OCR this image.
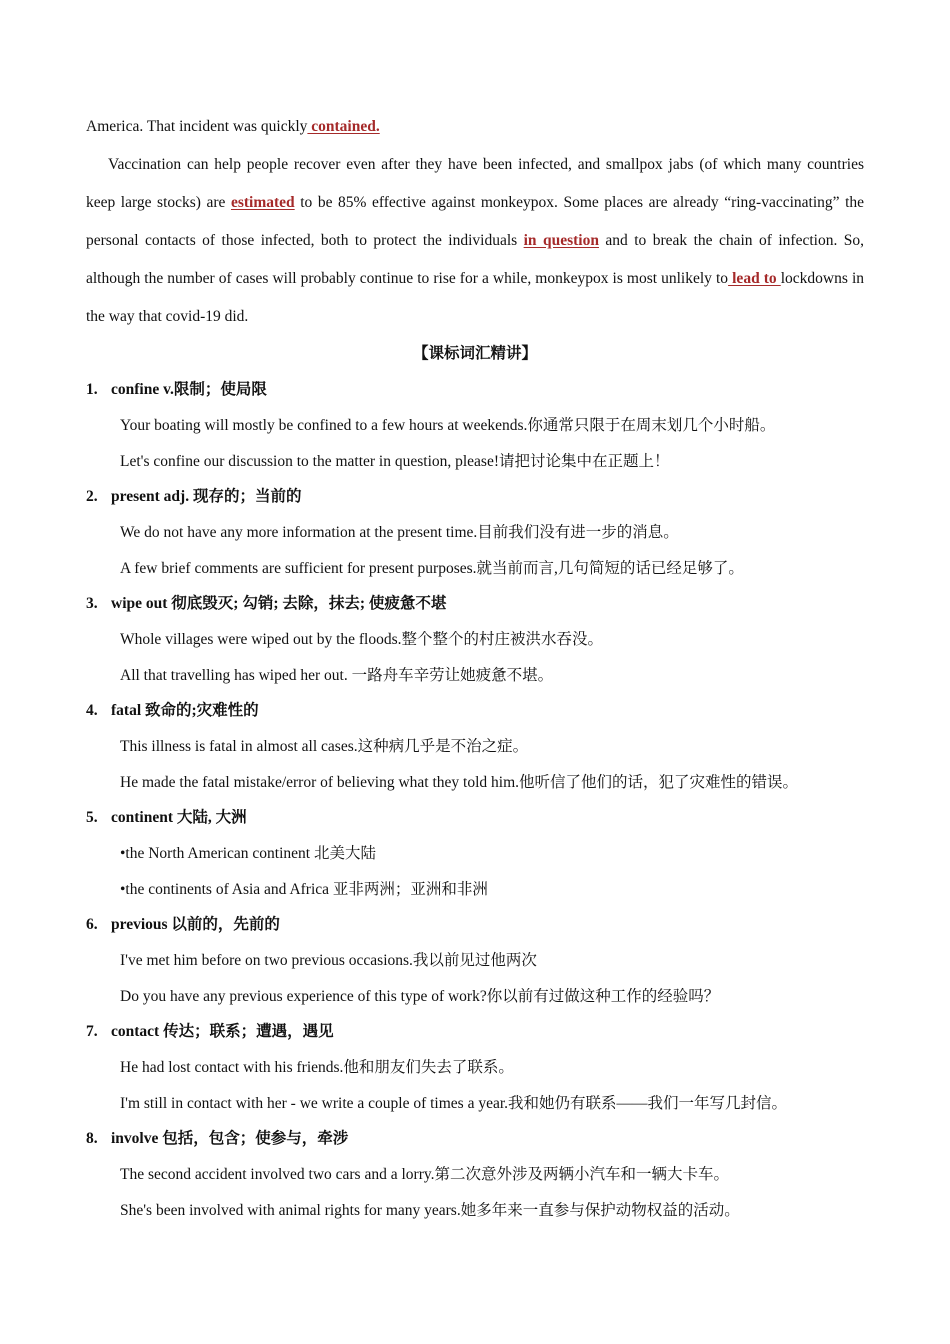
America. That incident was quickly contained.

Vaccination can help people recover even after they have been infected, and smallpox jabs (of which many countries keep large stocks) are estimated to be 85% effective against monkeypox. Some places are already “ring-vaccinating” the personal contacts of those infected, both to protect the individuals in question and to break the chain of infection. So, although the number of cases will probably continue to rise for a while, monkeypox is most unlikely to lead to lockdowns in the way that covid-19 did.

【课标词汇精讲】

1. confine v.限制；使局限

Your boating will mostly be confined to a few hours at weekends.你通常只限于在周末划几个小时船。

Let's confine our discussion to the matter in question, please!请把讨论集中在正题上！

2. present adj. 现存的；当前的

We do not have any more information at the present time.目前我们没有进一步的消息。

A few brief comments are sufficient for present purposes.就当前而言,几句简短的话已经足够了。

3. wipe out 彻底毁灭; 勾销; 去除，抹去; 使疲惫不堪

Whole villages were wiped out by the floods.整个整个的村庄被洪水吞没。

All that travelling has wiped her out. 一路舟车辛劳让她疲惫不堪。

4. fatal 致命的;灾难性的

This illness is fatal in almost all cases.这种病几乎是不治之症。

He made the fatal mistake/error of believing what they told him.他听信了他们的话，犯了灾难性的错误。

5. continent 大陆, 大洲

•the North American continent 北美大陆

•the continents of Asia and Africa 亚非两洲；亚洲和非洲

6. previous 以前的，先前的

I've met him before on two previous occasions.我以前见过他两次

Do you have any previous experience of this type of work?你以前有过做这种工作的经验吗？

7. contact 传达；联系；遭遇，遇见

He had lost contact with his friends.他和朋友们失去了联系。

I'm still in contact with her - we write a couple of times a year.我和她仍有联系——我们一年写几封信。

8. involve 包括，包含；使参与，牵涉

The second accident involved two cars and a lorry.第二次意外涉及两辆小汽车和一辆大卡车。

She's been involved with animal rights for many years.她多年来一直参与保护动物权益的活动。
